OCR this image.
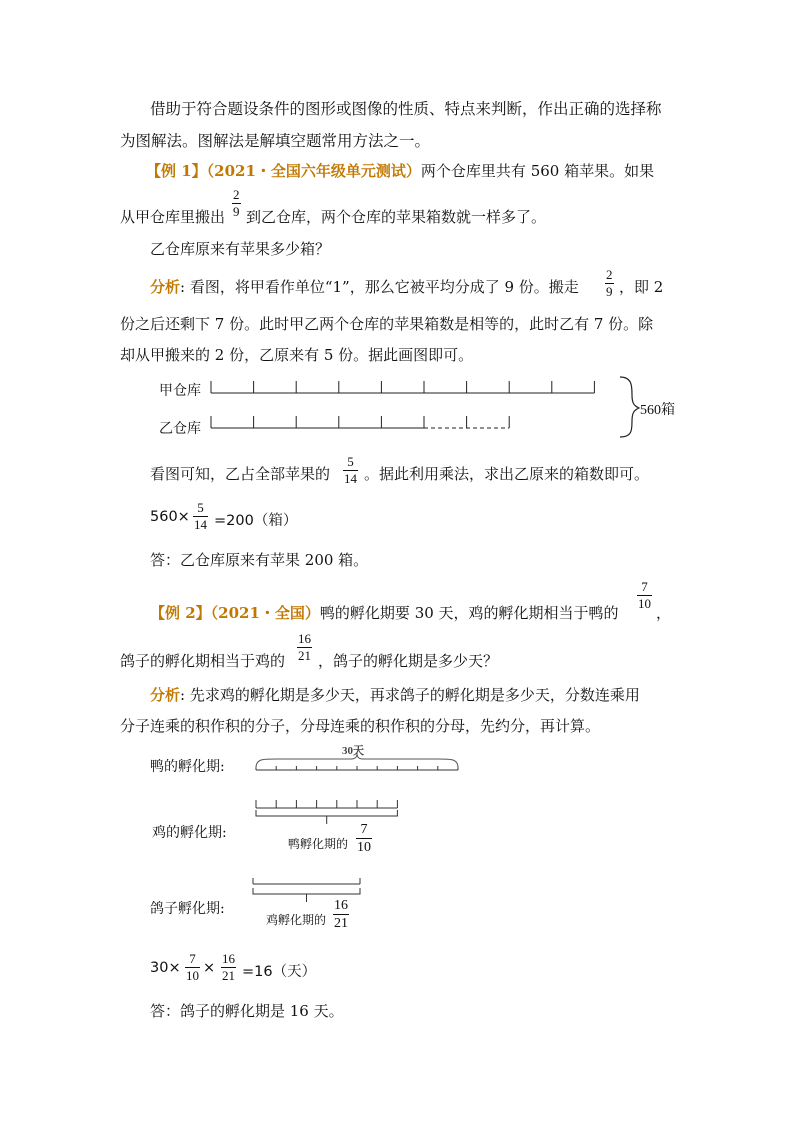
借助于符合题设条件的图形或图像的性质、特点来判断，作出正确的选择称
为图解法。图解法是解填空题常用方法之一。
【例 1】（2021・全国六年级单元测试）两个仓库里共有 560 箱苹果。如果
从甲仓库里搬出
2
9 到乙仓库，两个仓库的苹果箱数就一样多了。
乙仓库原来有苹果多少箱？
分析: 看图，将甲看作单位“1”，那么它被平均分成了 9 份。搬走
2
9 ，即 2
份之后还剩下 7 份。此时甲乙两个仓库的苹果箱数是相等的，此时乙有 7 份。除
却从甲搬来的 2 份，乙原来有 5 份。据此画图即可。
甲仓库
乙仓库
560箱
看图可知，乙占全部苹果的
5
14 。据此利用乘法，求出乙原来的箱数即可。
560×
5
14 =200（箱）
答：乙仓库原来有苹果 200 箱。
【例 2】（2021・全国）鸭的孵化期要 30 天，鸡的孵化期相当于鸭的
7
10
，
鸽子的孵化期相当于鸡的
16
21 ，鸽子的孵化期是多少天？
分析: 先求鸡的孵化期是多少天，再求鸽子的孵化期是多少天，分数连乘用
分子连乘的积作积的分子，分母连乘的积作积的分母，先约分，再计算。
鸭的孵化期:
鸡的孵化期:
鸽子孵化期:
30天
鸭孵化期的
7
10
鸡孵化期的
16
21
30×
7
10 ×
16
21 =16（天）
答：鸽子的孵化期是 16 天。
